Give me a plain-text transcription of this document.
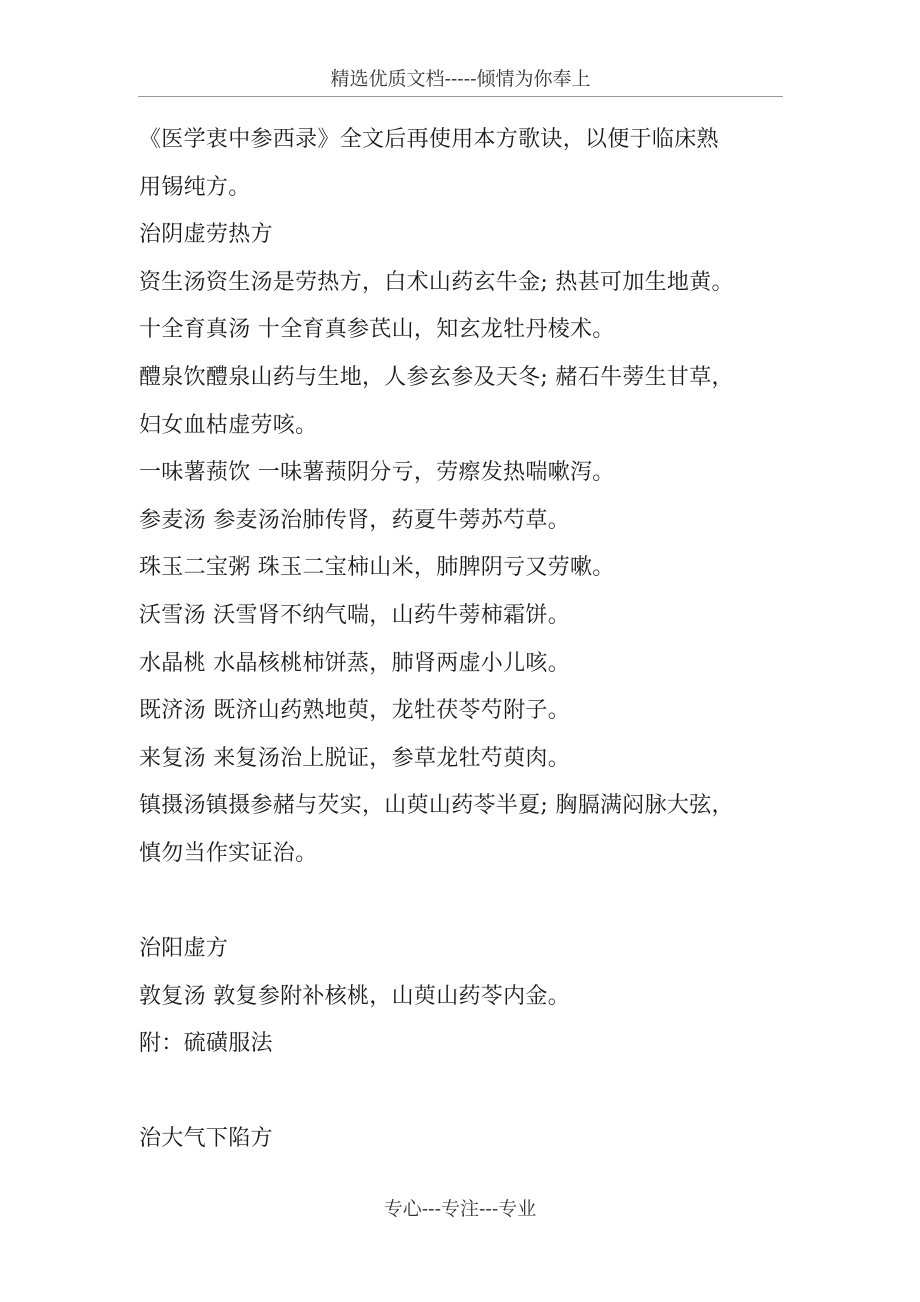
精选优质文档-----倾情为你奉上
《医学衷中参西录》全文后再使用本方歌诀，以便于临床熟
用锡纯方。
治阴虚劳热方
资生汤资生汤是劳热方，白术山药玄牛金; 热甚可加生地黄。
十全育真汤 十全育真参芪山，知玄龙牡丹棱术。
醴泉饮醴泉山药与生地，人参玄参及天冬; 赭石牛蒡生甘草，
妇女血枯虚劳咳。
一味薯蓣饮 一味薯蓣阴分亏，劳瘵发热喘嗽泻。
参麦汤 参麦汤治肺传肾，药夏牛蒡苏芍草。
珠玉二宝粥 珠玉二宝柿山米，肺脾阴亏又劳嗽。
沃雪汤 沃雪肾不纳气喘，山药牛蒡柿霜饼。
水晶桃 水晶核桃柿饼蒸，肺肾两虚小儿咳。
既济汤 既济山药熟地萸，龙牡茯苓芍附子。
来复汤 来复汤治上脱证，参草龙牡芍萸肉。
镇摄汤镇摄参赭与芡实，山萸山药苓半夏; 胸膈满闷脉大弦，
慎勿当作实证治。
治阳虚方
敦复汤 敦复参附补核桃，山萸山药苓内金。
附：硫磺服法
治大气下陷方
专心---专注---专业
